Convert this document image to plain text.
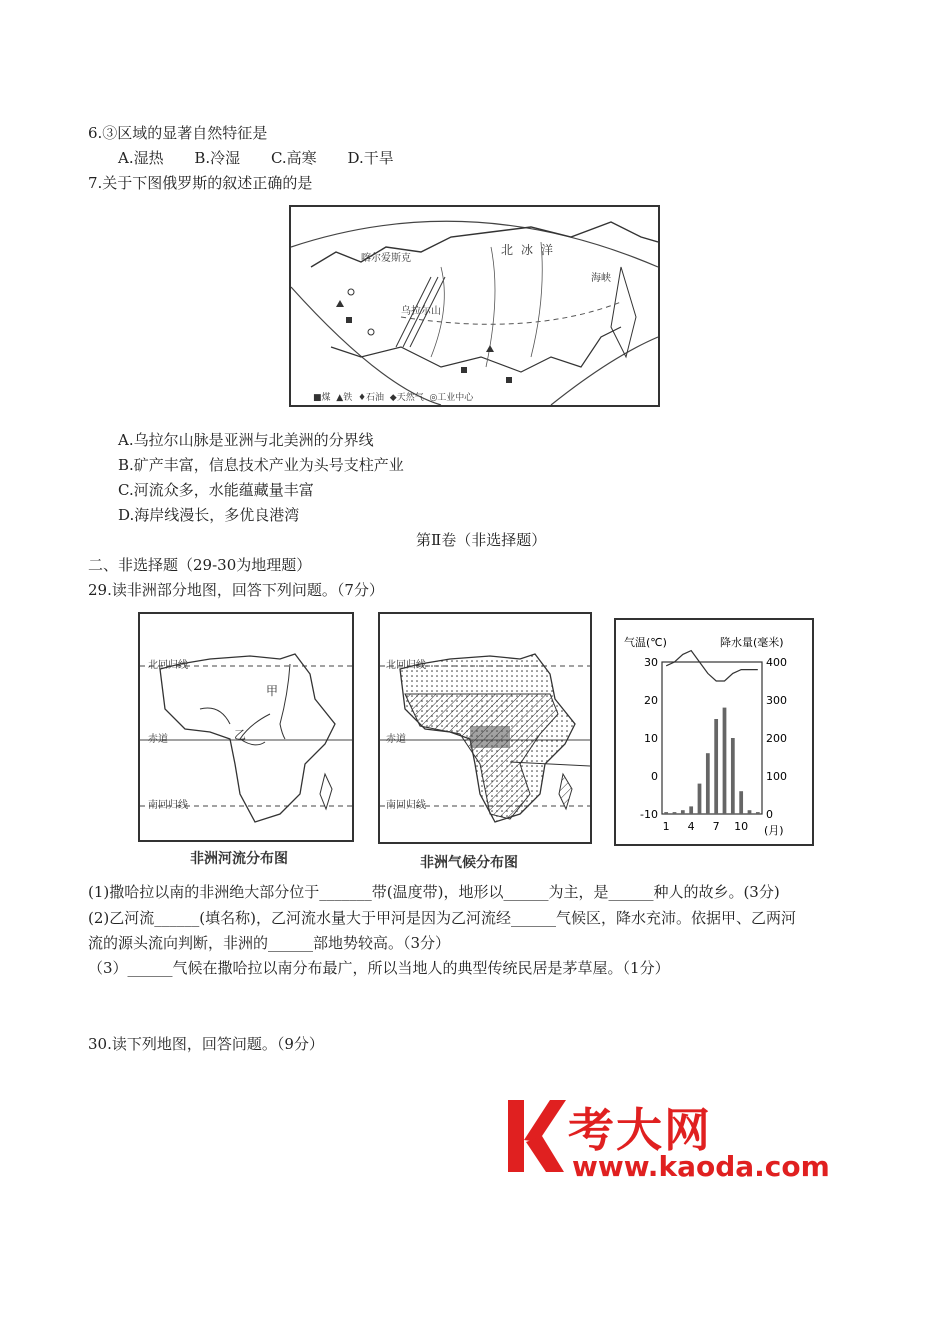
6.③区域的显著自然特征是
A.湿热 B.冷湿 C.高寒 D.干旱
7.关于下图俄罗斯的叙述正确的是
喀尔爱斯克
北冰洋
乌拉尔山
海峡
■煤 ▲铁 ♦石油 ◆天然气 ◎工业中心
A.乌拉尔山脉是亚洲与北美洲的分界线
B.矿产丰富，信息技术产业为头号支柱产业
C.河流众多，水能蕴藏量丰富
D.海岸线漫长，多优良港湾
第Ⅱ卷（非选择题）
二、非选择题（29-30为地理题）
29.读非洲部分地图，回答下列问题。（7分）
北回归线
赤道
南回归线
甲
乙
非洲河流分布图
北回归线
赤道
南回归线
非洲气候分布图
气温(℃)	降水量(毫米)
30
20
10
0
-10
400
300
200
100
0
1 4 7 10 (月)
(1)撒哈拉以南的非洲绝大部分位于_______带(温度带)，地形以______为主，是______种人的故乡。(3分)
(2)乙河流______(填名称)，乙河流水量大于甲河是因为乙河流经______气候区，降水充沛。依据甲、乙两河
流的源头流向判断，非洲的______部地势较高。（3分）
（3）______气候在撒哈拉以南分布最广，所以当地人的典型传统民居是茅草屋。（1分）
30.读下列地图，回答问题。（9分）
考大网
www.kaoda.com
